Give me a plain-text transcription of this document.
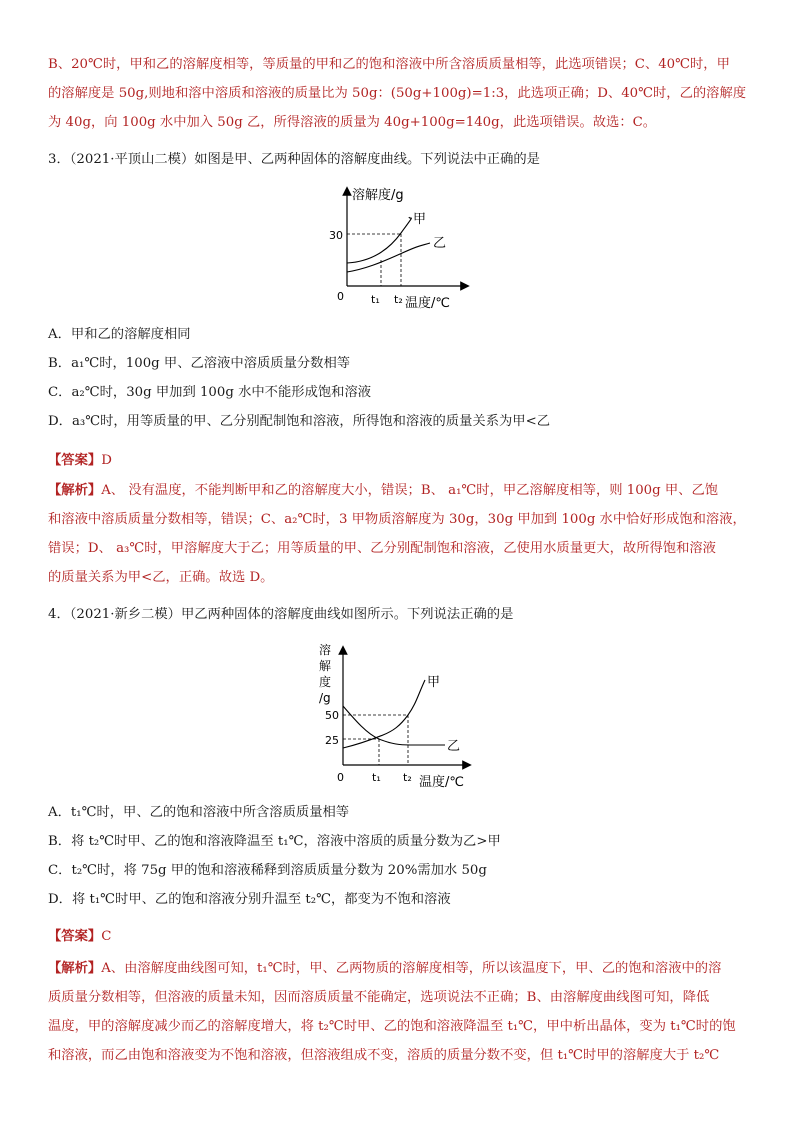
B、20℃时，甲和乙的溶解度相等，等质量的甲和乙的饱和溶液中所含溶质质量相等，此选项错误；C、40℃时，甲
的溶解度是 50g,则地和溶中溶质和溶液的质量比为 50g：(50g+100g)=1:3，此选项正确；D、40℃时，乙的溶解度
为 40g，向 100g 水中加入 50g 乙，所得溶液的质量为 40g+100g=140g，此选项错误。故选：C。
3．（2021·平顶山二模）如图是甲、乙两种固体的溶解度曲线。下列说法中正确的是
溶解度/g
温度/℃
0
30
t₁ t₂
甲
乙
A．甲和乙的溶解度相同
B．a₁℃时，100g 甲、乙溶液中溶质质量分数相等
C．a₂℃时，30g 甲加到 100g 水中不能形成饱和溶液
D．a₃℃时，用等质量的甲、乙分别配制饱和溶液，所得饱和溶液的质量关系为甲<乙
【答案】D
【解析】A、 没有温度，不能判断甲和乙的溶解度大小，错误；B、 a₁℃时，甲乙溶解度相等，则 100g 甲、乙饱
和溶液中溶质质量分数相等，错误；C、a₂℃时，3 甲物质溶解度为 30g，30g 甲加到 100g 水中恰好形成饱和溶液，
错误；D、 a₃℃时，甲溶解度大于乙；用等质量的甲、乙分别配制饱和溶液，乙使用水质量更大，故所得饱和溶液
的质量关系为甲<乙，正确。故选 D。
4．（2021·新乡二模）甲乙两种固体的溶解度曲线如图所示。下列说法正确的是
溶
解
度
/g
温度/℃
0
50
25
t₁ t₂
甲
乙
A．t₁℃时，甲、乙的饱和溶液中所含溶质质量相等
B．将 t₂℃时甲、乙的饱和溶液降温至 t₁℃，溶液中溶质的质量分数为乙>甲
C．t₂℃时，将 75g 甲的饱和溶液稀释到溶质质量分数为 20%需加水 50g
D．将 t₁℃时甲、乙的饱和溶液分别升温至 t₂℃，都变为不饱和溶液
【答案】C
【解析】A、由溶解度曲线图可知，t₁℃时，甲、乙两物质的溶解度相等，所以该温度下，甲、乙的饱和溶液中的溶
质质量分数相等，但溶液的质量未知，因而溶质质量不能确定，选项说法不正确；B、由溶解度曲线图可知，降低
温度，甲的溶解度减少而乙的溶解度增大，将 t₂℃时甲、乙的饱和溶液降温至 t₁℃，甲中析出晶体，变为 t₁℃时的饱
和溶液，而乙由饱和溶液变为不饱和溶液，但溶液组成不变，溶质的质量分数不变，但 t₁℃时甲的溶解度大于 t₂℃
